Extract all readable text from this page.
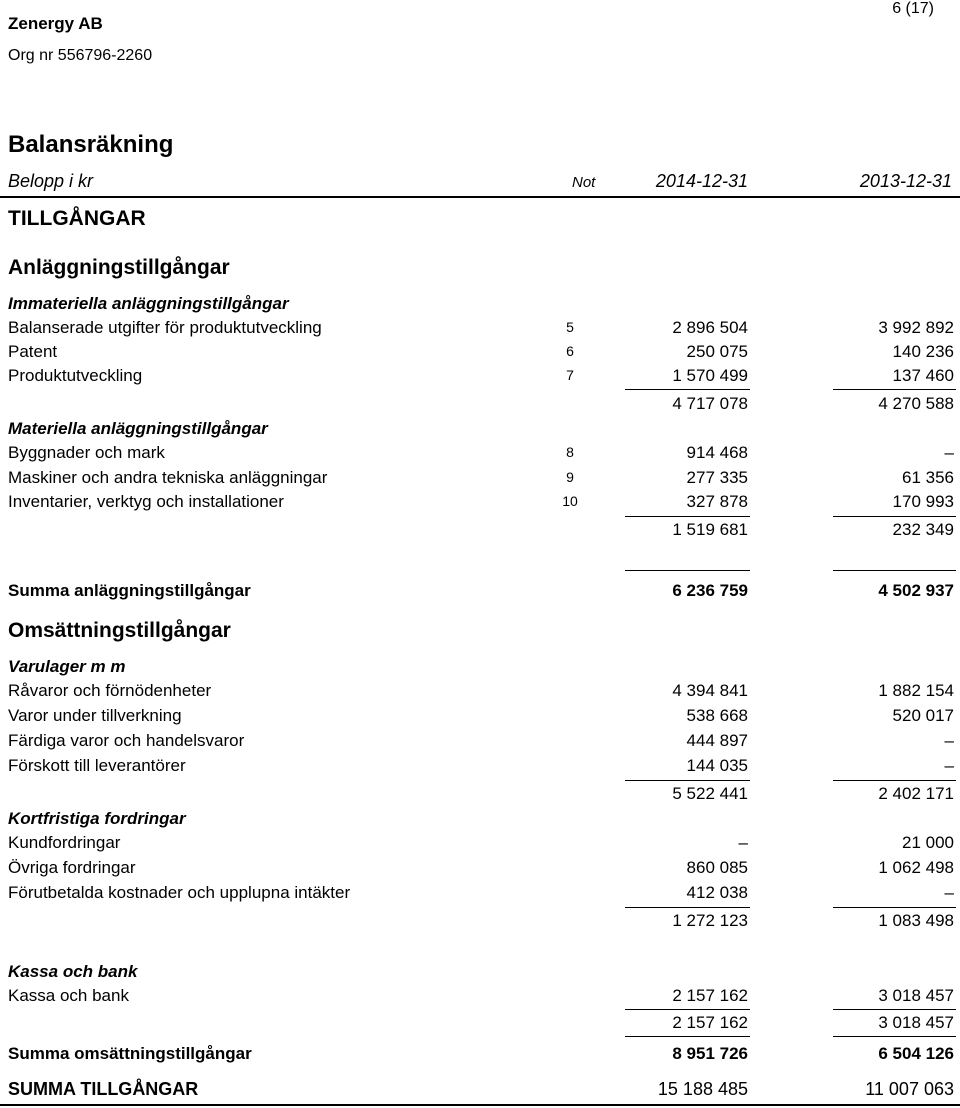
Zenergy AB
Org nr 556796-2260
6 (17)
Balansräkning
Belopp i kr	Not	2014-12-31	2013-12-31
TILLGÅNGAR
Anläggningstillgångar
Immateriella anläggningstillgångar
Balanserade utgifter för produktutveckling	5	2 896 504	3 992 892
Patent	6	250 075	140 236
Produktutveckling	7	1 570 499	137 460
4 717 078	4 270 588
Materiella anläggningstillgångar
Byggnader och mark	8	914 468	–
Maskiner och andra tekniska anläggningar	9	277 335	61 356
Inventarier, verktyg och installationer	10	327 878	170 993
1 519 681	232 349
Summa anläggningstillgångar	6 236 759	4 502 937
Omsättningstillgångar
Varulager m m
Råvaror och förnödenheter	4 394 841	1 882 154
Varor under tillverkning	538 668	520 017
Färdiga varor och handelsvaror	444 897	–
Förskott till leverantörer	144 035	–
5 522 441	2 402 171
Kortfristiga fordringar
Kundfordringar	–	21 000
Övriga fordringar	860 085	1 062 498
Förutbetalda kostnader och upplupna intäkter	412 038	–
1 272 123	1 083 498
Kassa och bank
Kassa och bank	2 157 162	3 018 457
2 157 162	3 018 457
Summa omsättningstillgångar	8 951 726	6 504 126
SUMMA TILLGÅNGAR	15 188 485	11 007 063
